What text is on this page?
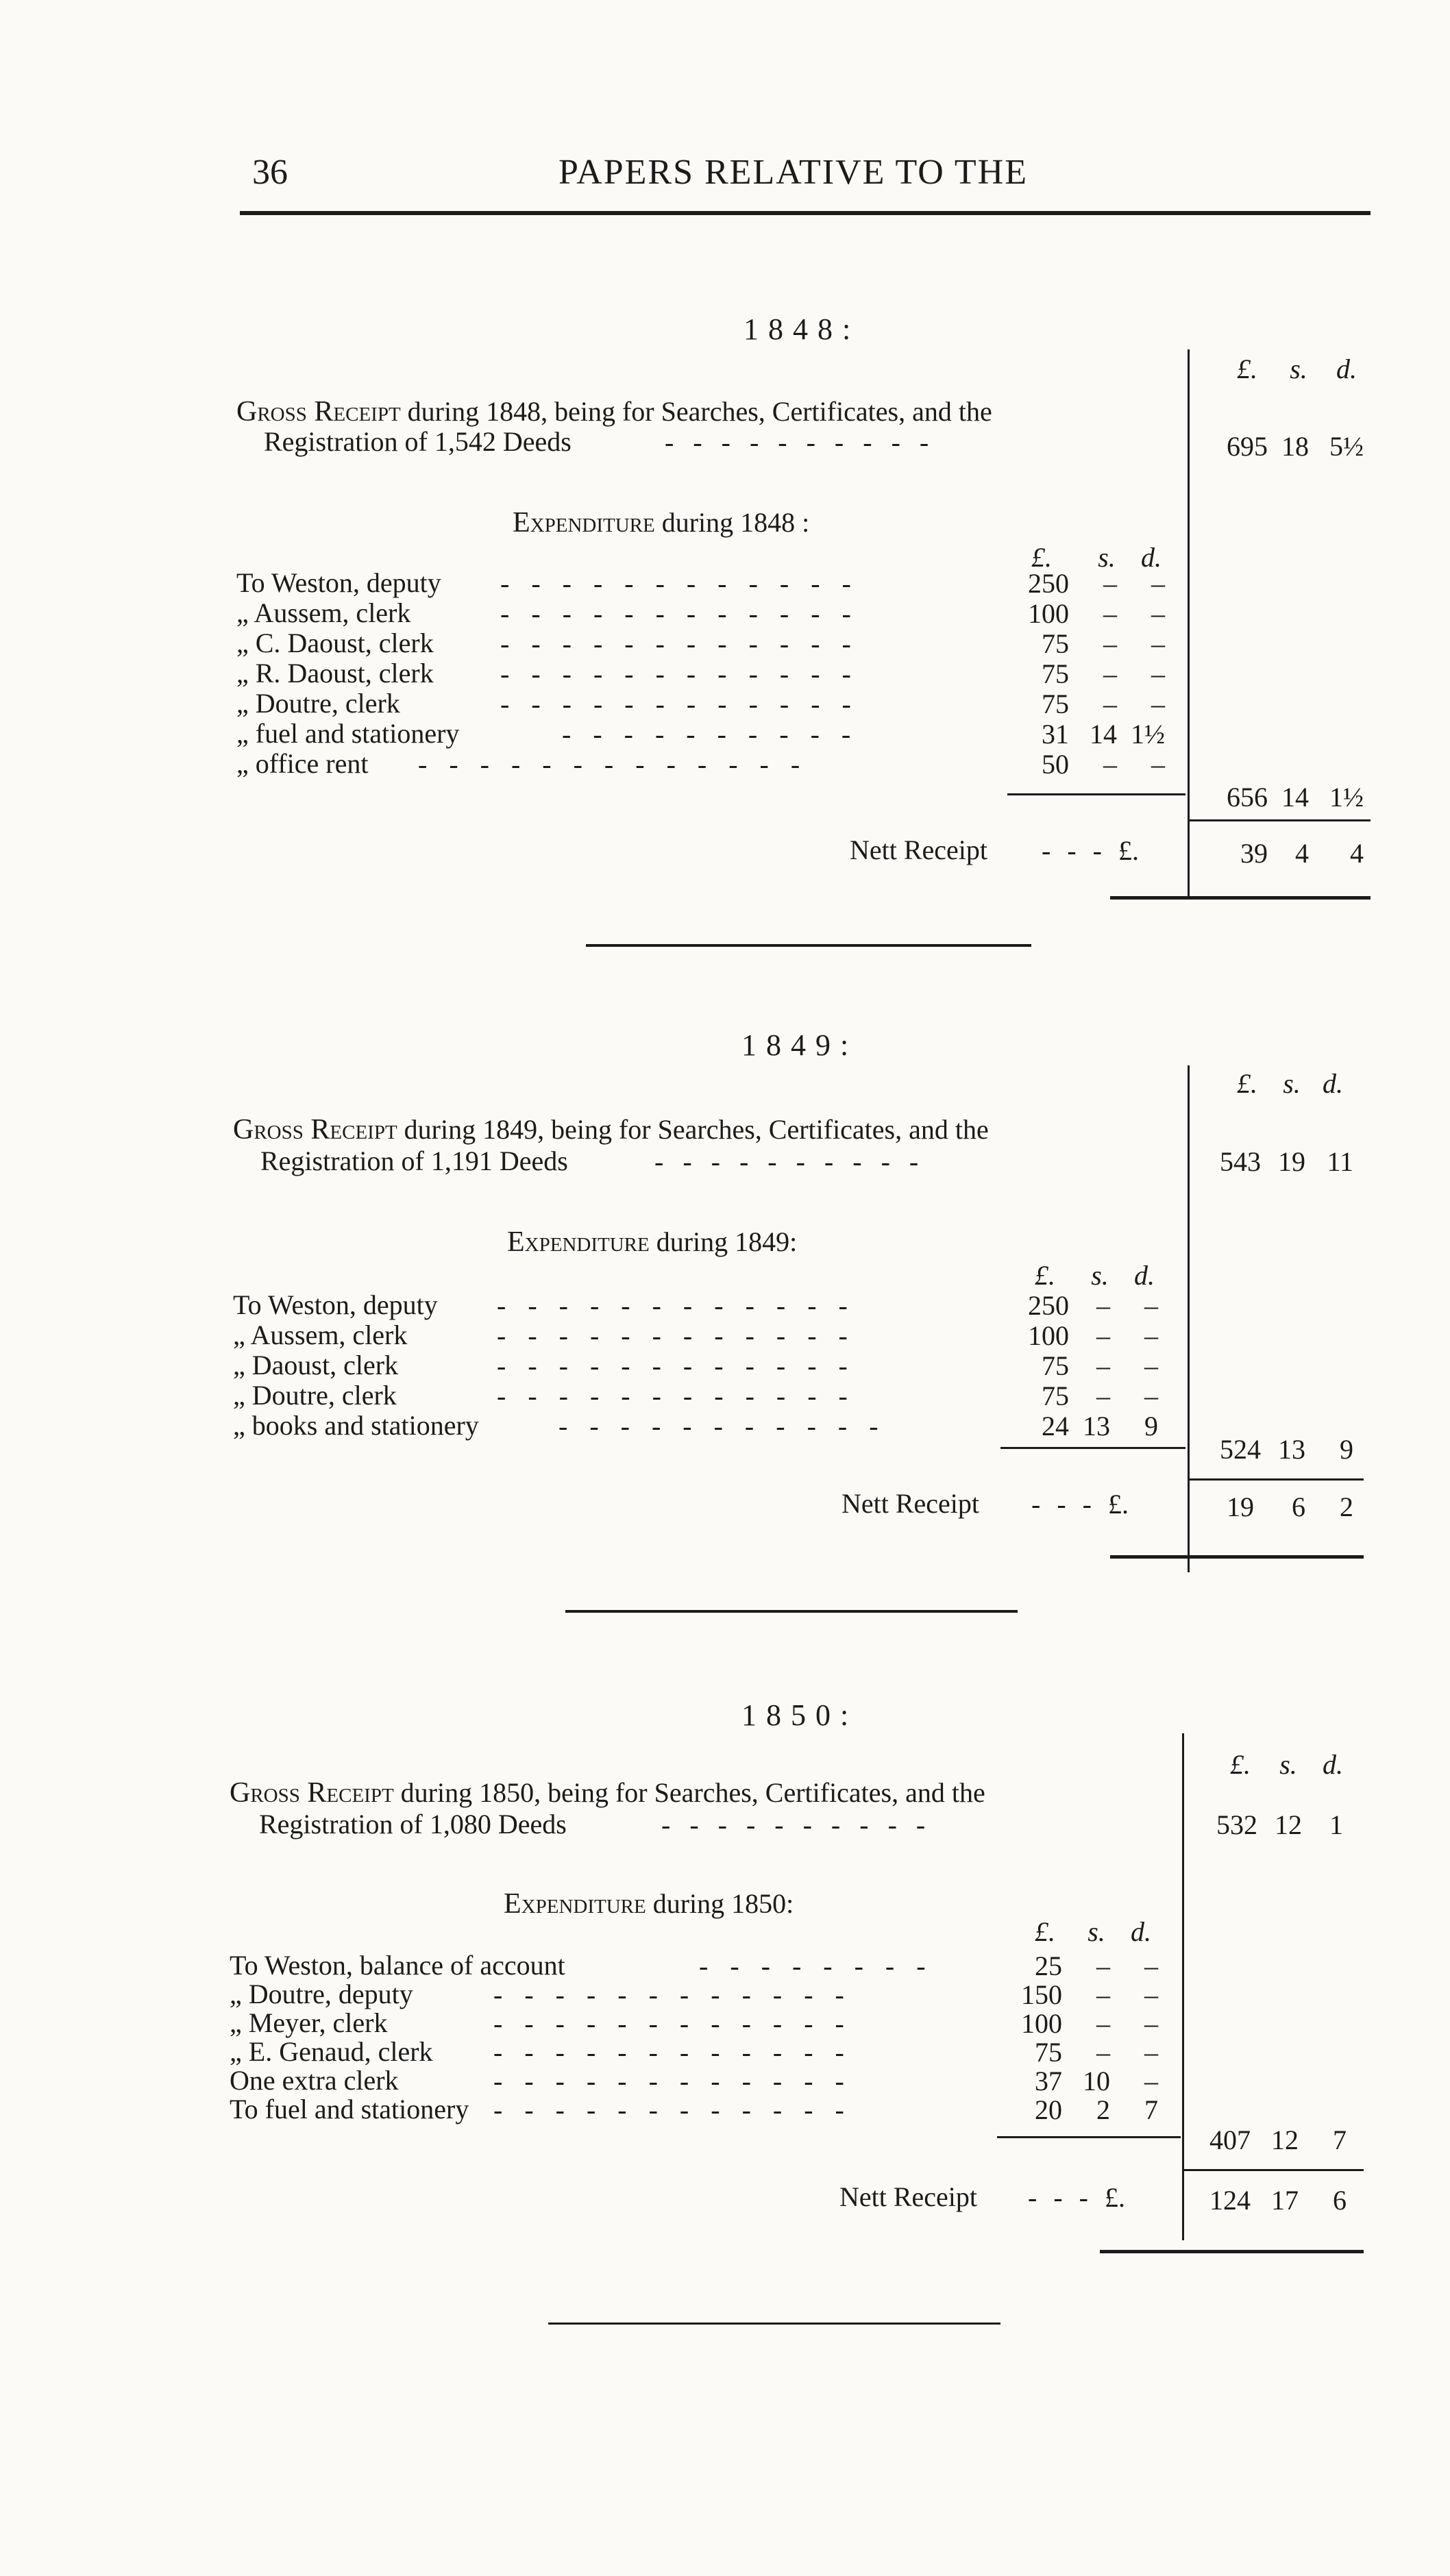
36	PAPERS RELATIVE TO THE
1848:
£.	s.	d.
Gross Receipt during 1848, being for Searches, Certificates, and the
Registration of 1,542 Deeds	- - - - - - - - - -	695 18 5½
Expenditure during 1848 :
£.	s. d.
To Weston, deputy - - - - - - - - - - - -	250	–	–
„ Aussem, clerk	- - - - - - - - - - - -	100	–	–
„ C. Daoust, clerk - - - - - - - - - - - -	75	–	–
„ R. Daoust, clerk - - - - - - - - - - - -	75	–	–
„ Doutre, clerk	- - - - - - - - - - - -	75	–	–
„ fuel and stationery	- - - - - - - - - -	31 14 1½
„ office rent - - - - - - - - - - - - -	50	–	–
656 14 1½
Nett Receipt - - - £.	39	4	4
1849:
£. s. d.
Gross Receipt during 1849, being for Searches, Certificates, and the
Registration of 1,191 Deeds	- - - - - - - - - -	543 19 11
Expenditure during 1849:
£.	s. d.
To Weston, deputy - - - - - - - - - - - -	250	–	–
„ Aussem, clerk	- - - - - - - - - - - -	100	–	–
„ Daoust, clerk	- - - - - - - - - - - -	75	–	–
„ Doutre, clerk	- - - - - - - - - - - -	75	–	–
„ books and stationery	- - - - - - - - - - -	24 13	9
524 13	9
Nett Receipt - - - £.	19	6	2
1850:
£.	s. d.
Gross Receipt during 1850, being for Searches, Certificates, and the
Registration of 1,080 Deeds	- - - - - - - - - -	532 12	1
Expenditure during 1850:
£.	s. d.
To Weston, balance of account	- - - - - - - -	25	–	–
„ Doutre, deputy	- - - - - - - - - - - -	150	–	–
„ Meyer, clerk	- - - - - - - - - - - -	100	–	–
„ E. Genaud, clerk - - - - - - - - - - - -	75	–	–
One extra clerk	- - - - - - - - - - - -	37 10	–
To fuel and stationery - - - - - - - - - - - -	20	2	7
407 12	7
Nett Receipt - - - £.	124 17	6
